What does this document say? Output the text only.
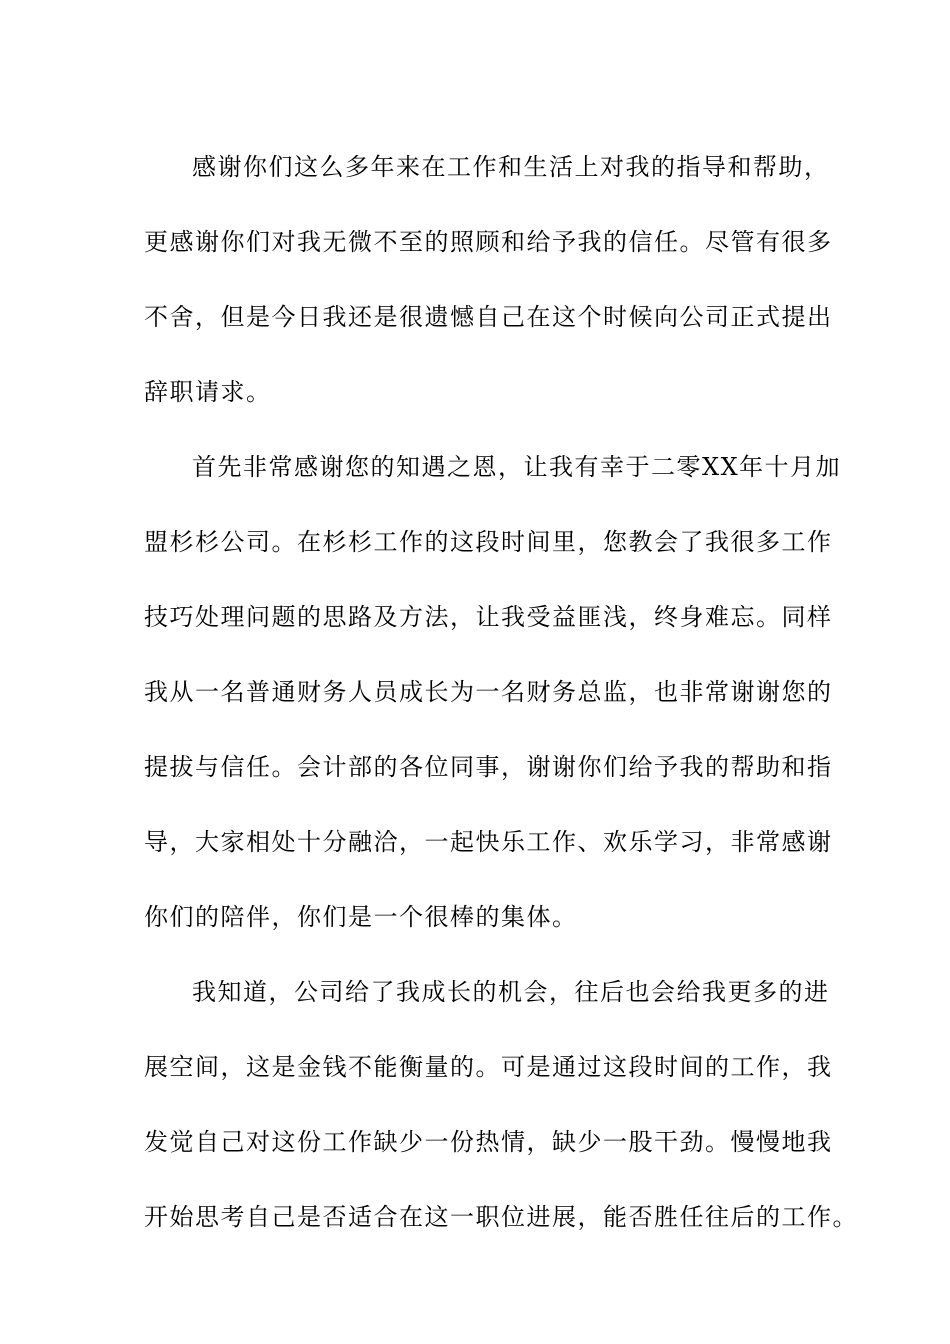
感谢你们这么多年来在工作和生活上对我的指导和帮助，
更感谢你们对我无微不至的照顾和给予我的信任。尽管有很多
不舍，但是今日我还是很遗憾自己在这个时候向公司正式提出
辞职请求。
首先非常感谢您的知遇之恩，让我有幸于二零XX年十月加
盟杉杉公司。在杉杉工作的这段时间里，您教会了我很多工作
技巧处理问题的思路及方法，让我受益匪浅，终身难忘。同样
我从一名普通财务人员成长为一名财务总监，也非常谢谢您的
提拔与信任。会计部的各位同事，谢谢你们给予我的帮助和指
导，大家相处十分融洽，一起快乐工作、欢乐学习，非常感谢
你们的陪伴，你们是一个很棒的集体。
我知道，公司给了我成长的机会，往后也会给我更多的进
展空间，这是金钱不能衡量的。可是通过这段时间的工作，我
发觉自己对这份工作缺少一份热情，缺少一股干劲。慢慢地我
开始思考自己是否适合在这一职位进展，能否胜任往后的工作。
